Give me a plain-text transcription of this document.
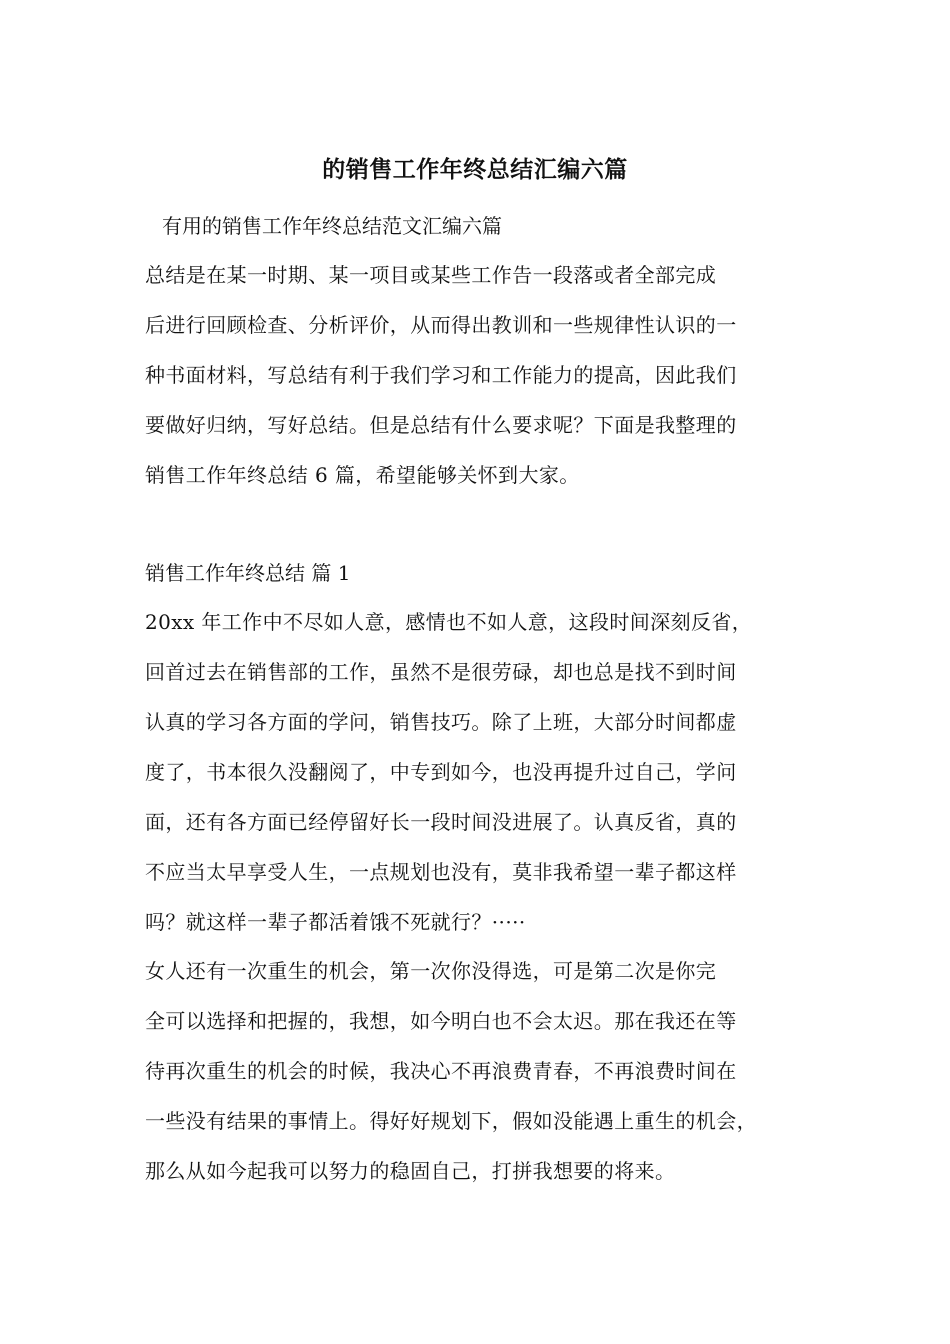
的销售工作年终总结汇编六篇
有用的销售工作年终总结范文汇编六篇
总结是在某一时期、某一项目或某些工作告一段落或者全部完成
后进行回顾检查、分析评价，从而得出教训和一些规律性认识的一
种书面材料，写总结有利于我们学习和工作能力的提高，因此我们
要做好归纳，写好总结。但是总结有什么要求呢？下面是我整理的
销售工作年终总结 6 篇，希望能够关怀到大家。
销售工作年终总结 篇 1
20xx 年工作中不尽如人意，感情也不如人意，这段时间深刻反省，
回首过去在销售部的工作，虽然不是很劳碌，却也总是找不到时间
认真的学习各方面的学问，销售技巧。除了上班，大部分时间都虚
度了，书本很久没翻阅了，中专到如今，也没再提升过自己，学问
面，还有各方面已经停留好长一段时间没进展了。认真反省，真的
不应当太早享受人生，一点规划也没有，莫非我希望一辈子都这样
吗？就这样一辈子都活着饿不死就行？·····
女人还有一次重生的机会，第一次你没得选，可是第二次是你完
全可以选择和把握的，我想，如今明白也不会太迟。那在我还在等
待再次重生的机会的时候，我决心不再浪费青春，不再浪费时间在
一些没有结果的事情上。得好好规划下，假如没能遇上重生的机会，
那么从如今起我可以努力的稳固自己，打拼我想要的将来。
